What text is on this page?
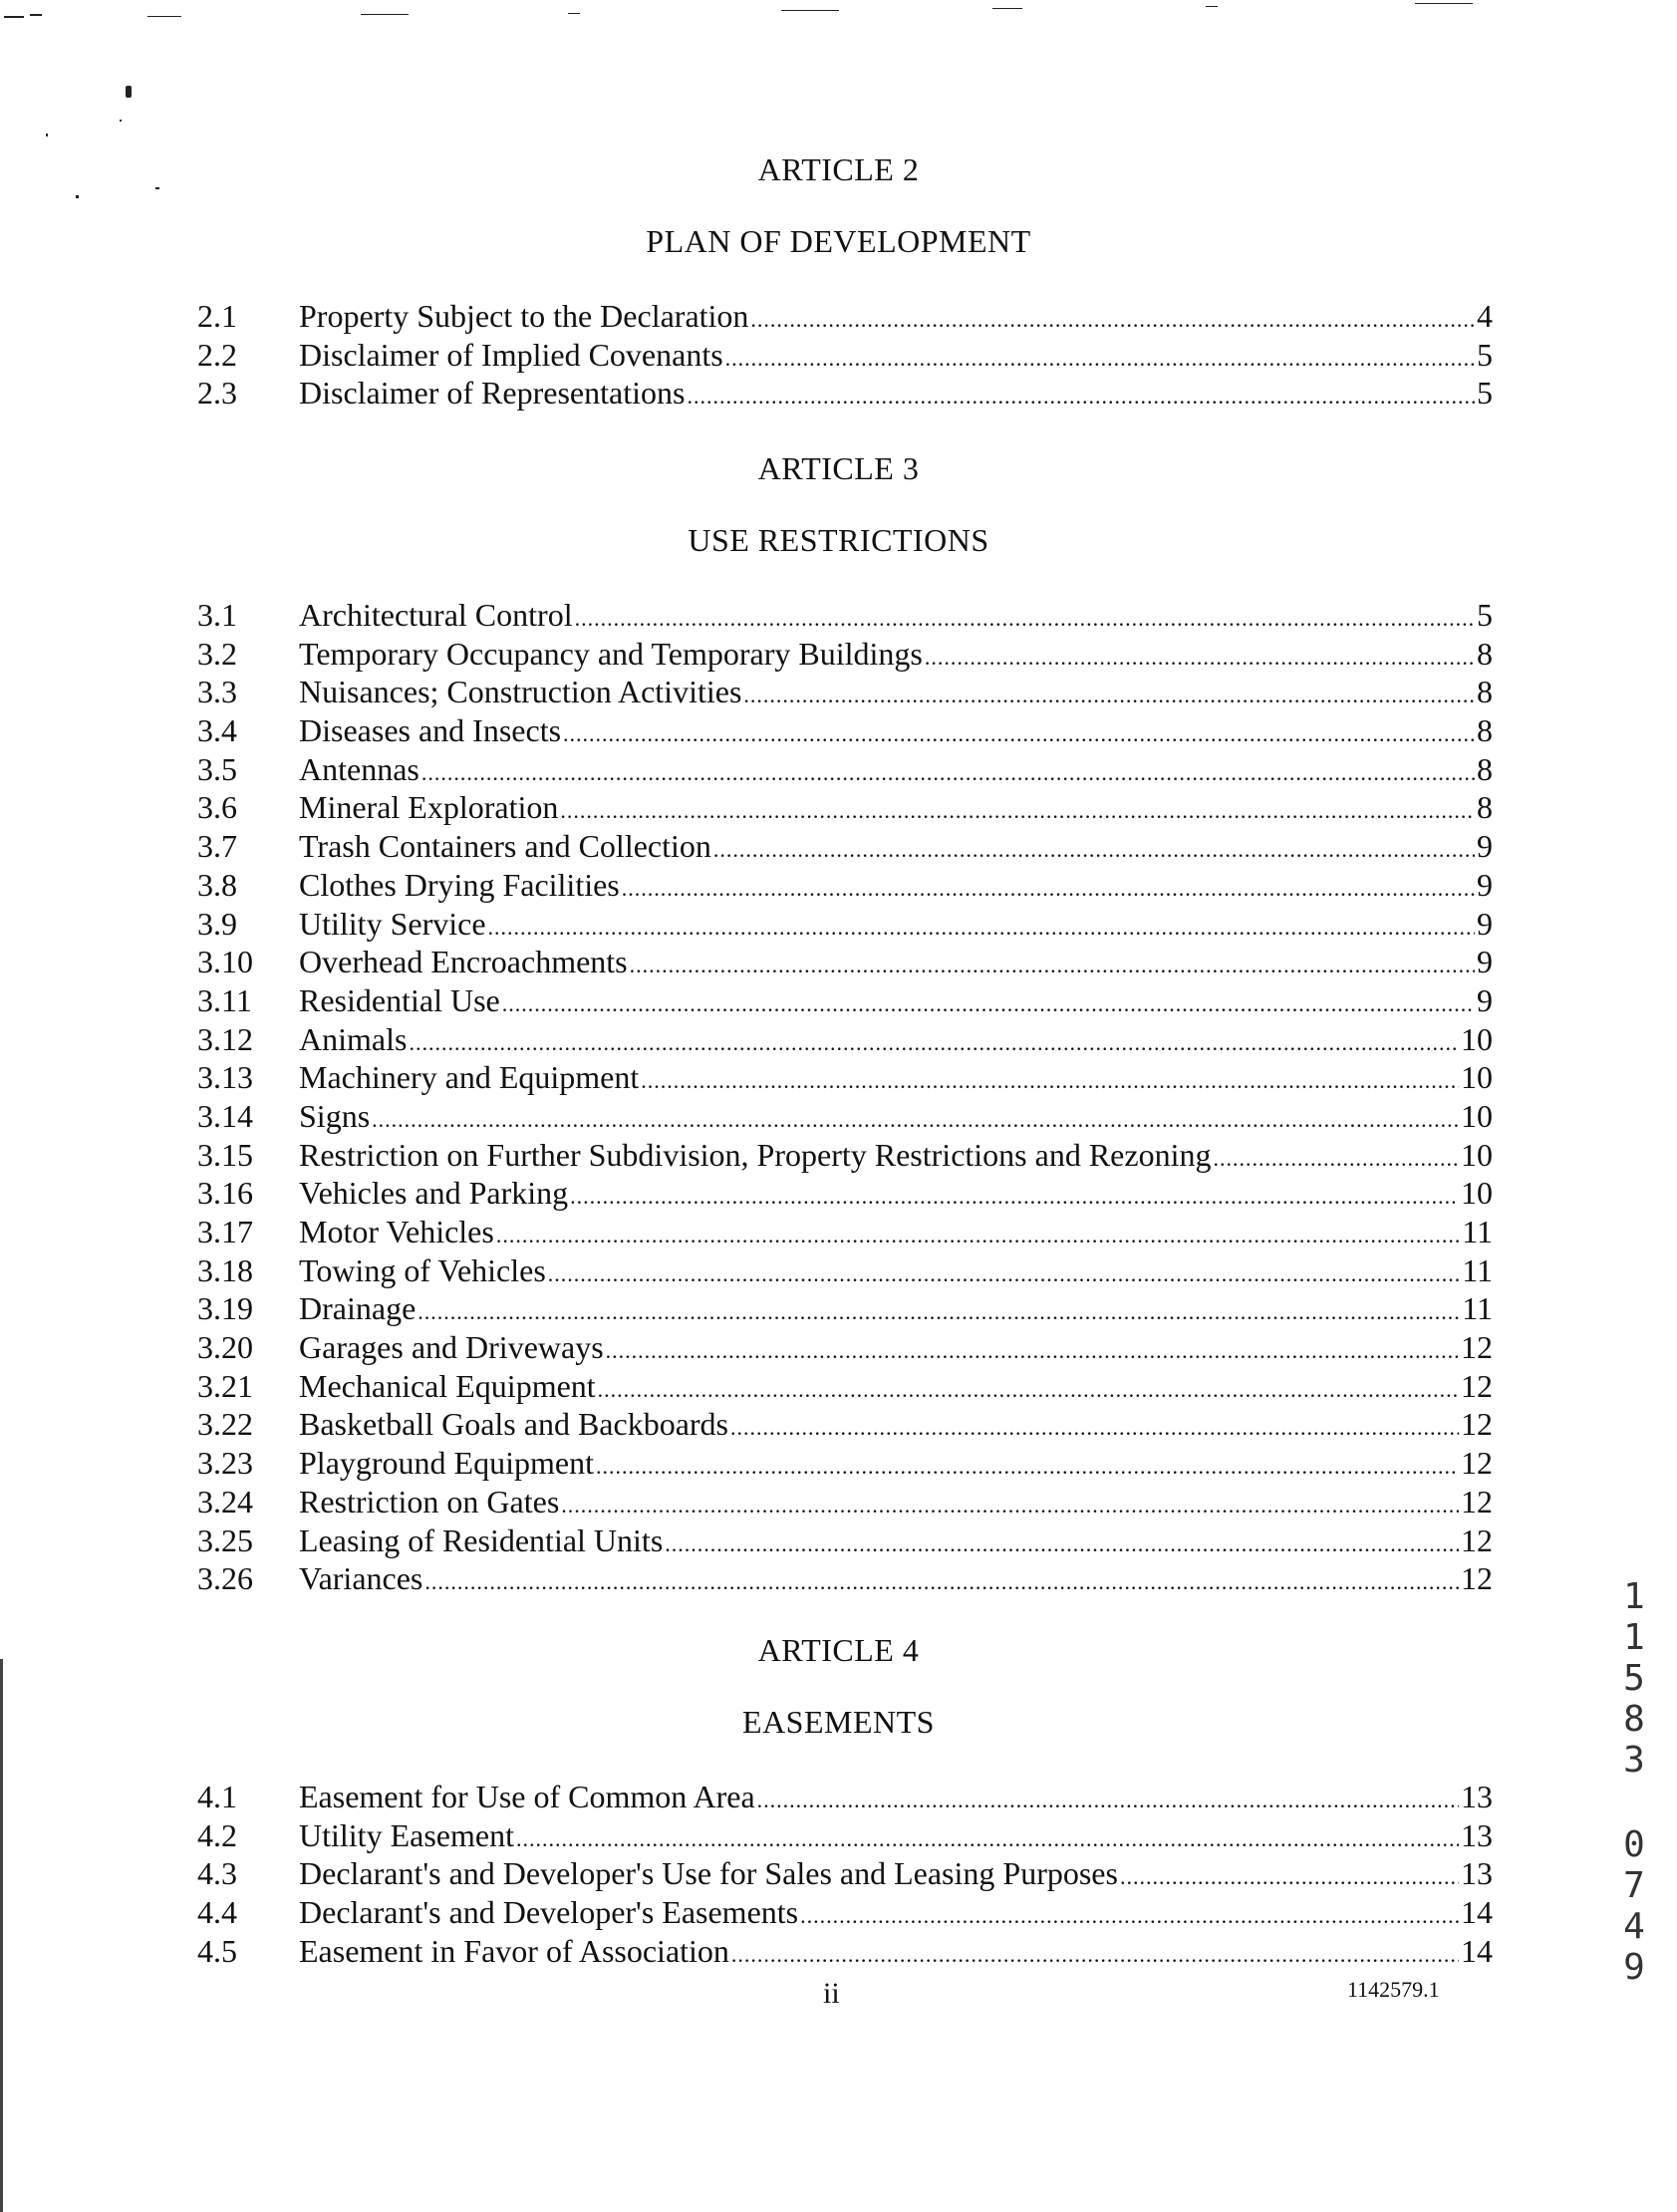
ARTICLE 2
PLAN OF DEVELOPMENT
2.1	Property Subject to the Declaration .....	4
2.2	Disclaimer of Implied Covenants .....	5
2.3	Disclaimer of Representations .....	5
ARTICLE 3
USE RESTRICTIONS
3.1	Architectural Control .....	5
3.2	Temporary Occupancy and Temporary Buildings .....	8
3.3	Nuisances; Construction Activities .....	8
3.4	Diseases and Insects .....	8
3.5	Antennas .....	8
3.6	Mineral Exploration .....	8
3.7	Trash Containers and Collection .....	9
3.8	Clothes Drying Facilities .....	9
3.9	Utility Service .....	9
3.10	Overhead Encroachments .....	9
3.11	Residential Use .....	9
3.12	Animals .....	10
3.13	Machinery and Equipment .....	10
3.14	Signs .....	10
3.15	Restriction on Further Subdivision, Property Restrictions and Rezoning .....	10
3.16	Vehicles and Parking .....	10
3.17	Motor Vehicles .....	11
3.18	Towing of Vehicles .....	11
3.19	Drainage .....	11
3.20	Garages and Driveways .....	12
3.21	Mechanical Equipment .....	12
3.22	Basketball Goals and Backboards .....	12
3.23	Playground Equipment .....	12
3.24	Restriction on Gates .....	12
3.25	Leasing of Residential Units .....	12
3.26	Variances .....	12
ARTICLE 4
EASEMENTS
4.1	Easement for Use of Common Area .....	13
4.2	Utility Easement .....	13
4.3	Declarant's and Developer's Use for Sales and Leasing Purposes .....	13
4.4	Declarant's and Developer's Easements .....	14
4.5	Easement in Favor of Association .....	14
ii	1142579.1
1
1
5
8
3
0
7
4
9
